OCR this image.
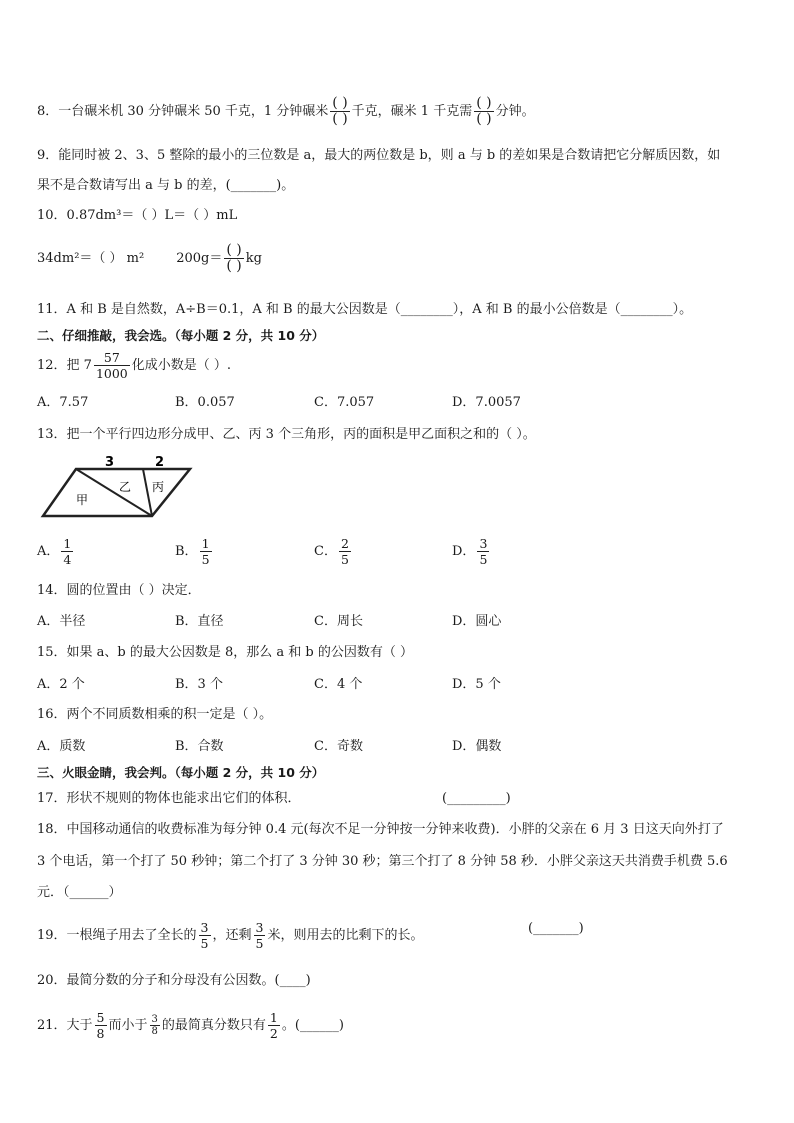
8．一台碾米机 30 分钟碾米 50 千克，1 分钟碾米 $\frac{( )}{( )}$ 千克，碾米 1 千克需 $\frac{( )}{( )}$ 分钟。
9．能同时被 2、3、5 整除的最小的三位数是 a，最大的两位数是 b，则 a 与 b 的差如果是合数请把它分解质因数，如
果不是合数请写出 a 与 b 的差，(_______)。
10．0.87dm³＝（ ）L＝（ ）mL
34dm²＝（ ） m² $200g= \frac{( )}{( )}$ kg
11．A 和 B 是自然数，A÷B＝0.1，A 和 B 的最大公因数是（________），A 和 B 的最小公倍数是（________）。
二、仔细推敲，我会选。（每小题 2 分，共 10 分）
12．把 $7 \frac{57}{1000}$ 化成小数是（ ）.
A．7.57	B．0.057	C．7.057	D．7.0057
13．把一个平行四边形分成甲、乙、丙 3 个三角形，丙的面积是甲乙面积之和的（ ）。
3	2
甲
乙 丙
A． $\frac{1}{4}$	B． $\frac{1}{5}$	C． $\frac{2}{5}$	D． $\frac{3}{5}$
14．圆的位置由（ ）决定．
A．半径	B．直径	C．周长	D．圆心
15．如果 a、b 的最大公因数是 8，那么 a 和 b 的公因数有（ ）
A．2 个	B．3 个	C．4 个	D．5 个
16．两个不同质数相乘的积一定是（ ）。
A．质数	B．合数	C．奇数	D．偶数
三、火眼金睛，我会判。（每小题 2 分，共 10 分）
17．形状不规则的物体也能求出它们的体积．	(_________)
18．中国移动通信的收费标准为每分钟 0.4 元(每次不足一分钟按一分钟来收费)．小胖的父亲在 6 月 3 日这天向外打了
3 个电话，第一个打了 50 秒钟；第二个打了 3 分钟 30 秒；第三个打了 8 分钟 58 秒．小胖父亲这天共消费手机费 5.6
元．（______）
19．一根绳子用去了全长的 $\frac{3}{5}$ ，还剩 $\frac{3}{5}$ 米，则用去的比剩下的长。	(_______)
20．最简分数的分子和分母没有公因数。(____)
21．大于 $\frac{5}{8}$ 而小于 $\frac{3}{8}$ 的最简真分数只有 $\frac{1}{2}$ 。(______)
